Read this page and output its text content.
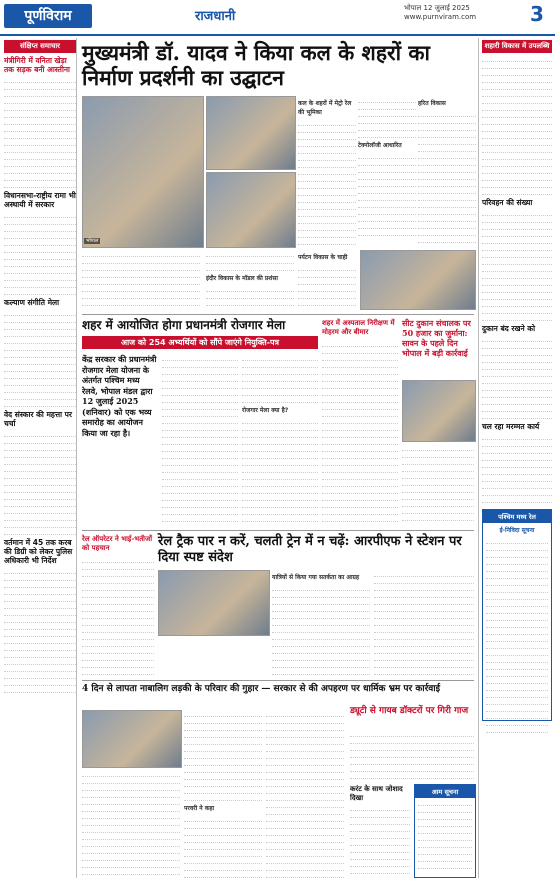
पूर्णविराम	राजधानी
भोपाल 12 जुलाई 2025
www.purnviram.com	3
संक्षिप्त समाचार
मंत्रीगिरी में वनिता खेड़ा तक सड़क बनी आस्तीना
विधानसभा-राष्ट्रीय रामा भी अस्थायी में सरकार
कल्याण संगीति मेला
वेद संस्कार की महत्ता पर चर्चा
वर्तमान में 45 तक करब की डिग्री को लेकर पुलिस अधिकारी भी निर्देश
मुख्यमंत्री डॉ. यादव ने किया कल के शहरों का निर्माण प्रदर्शनी का उद्घाटन
भोपाल
कल के शहरों में मेट्रो रेल की भूमिका
टेक्नोलॉजी आधारित
हरित विकास
इंदौर विकास के मॉडल की प्रशंसा
पर्यटन विकास के चाही
शहर में आयोजित होगा प्रधानमंत्री रोजगार मेला
आज को 254 अभ्यर्थियों को सौंपे जाएंगे नियुक्ति-पत्र
केंद्र सरकार की प्रधानमंत्री रोजगार मेला योजना के अंतर्गत पश्चिम मध्य रेलवे, भोपाल मंडल द्वारा 12 जुलाई 2025 (शनिवार) को एक भव्य समारोह का आयोजन किया जा रहा है।
रोजगार मेला क्या है?
शहर में अस्पताल निरीक्षण में मोहरम और बीमार
सीट दुकान संचालक पर 50 हजार का जुर्माना: सावन के पहले दिन भोपाल में बड़ी कार्रवाई
रेल ऑपरेटर ने भाई-भतीजों को पहचान	रेल ट्रैक पार न करें, चलती ट्रेन में न चढ़ें: आरपीएफ ने स्टेशन पर दिया स्पष्ट संदेश
यात्रियों से किया गया सतर्कता का आग्रह
4 दिन से लापता नाबालिग लड़की के परिवार की गुहार — सरकार से की अपहरण पर धार्मिक भ्रम पर कार्रवाई
परवरी ने कहा
ड्यूटी से गायब डॉक्टरों पर गिरी गाज
करंट के साथ जोशाद दिखा
आम सूचना
शहारी विकास में उपलब्धि
परिवहन की संख्या
दुकान बंद रखने को
चल रहा मरम्मत कार्य
पश्चिम मध्य रेल
ई-निविदा सूचना
